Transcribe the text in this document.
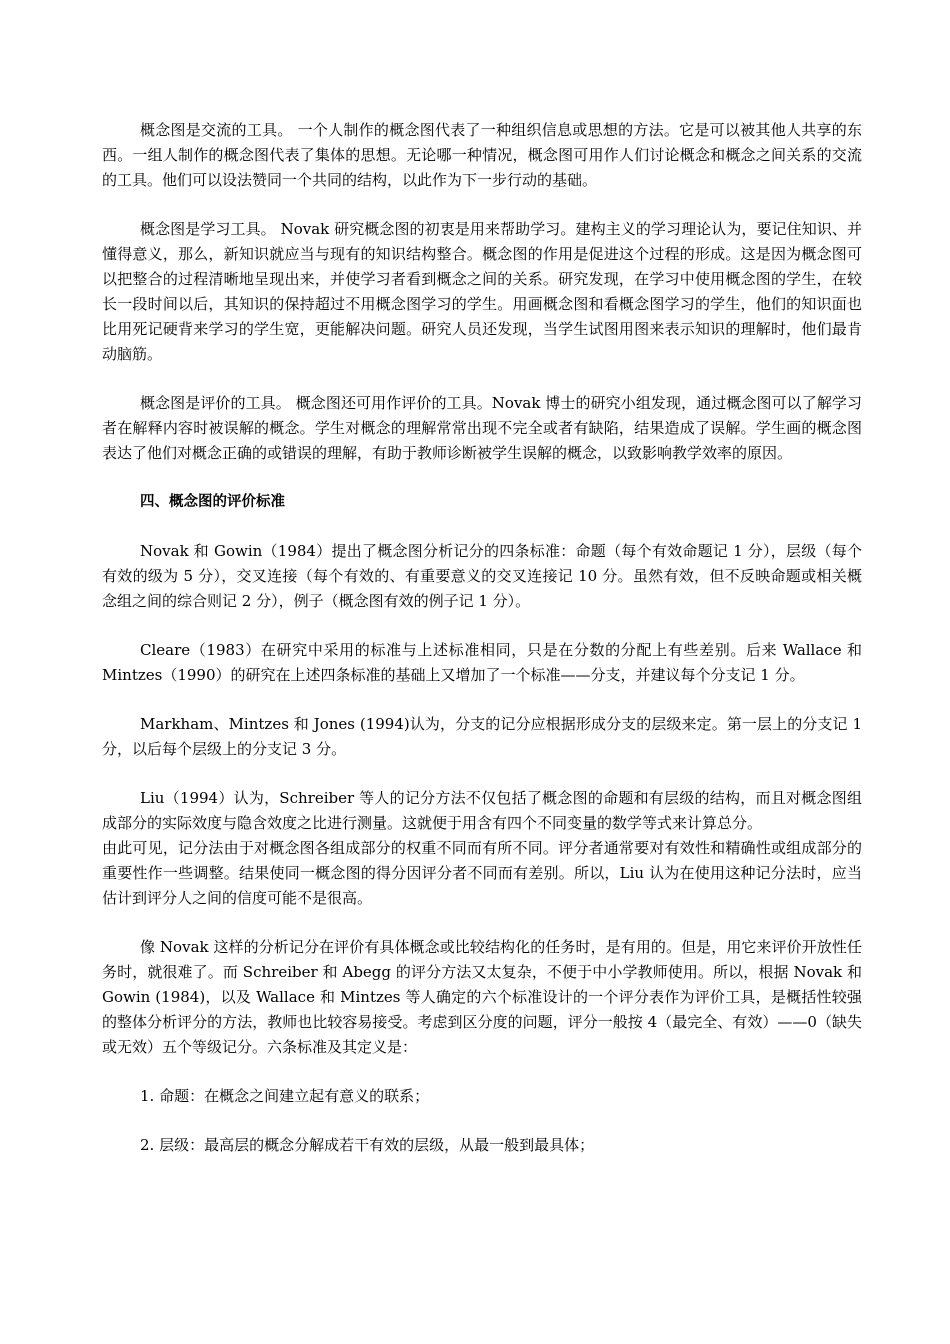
概念图是交流的工具。 一个人制作的概念图代表了一种组织信息或思想的方法。它是可以被其他人共享的东西。一组人制作的概念图代表了集体的思想。无论哪一种情况，概念图可用作人们讨论概念和概念之间关系的交流的工具。他们可以设法赞同一个共同的结构，以此作为下一步行动的基础。

概念图是学习工具。 Novak 研究概念图的初衷是用来帮助学习。建构主义的学习理论认为，要记住知识、并懂得意义，那么，新知识就应当与现有的知识结构整合。概念图的作用是促进这个过程的形成。这是因为概念图可以把整合的过程清晰地呈现出来，并使学习者看到概念之间的关系。研究发现，在学习中使用概念图的学生，在较长一段时间以后，其知识的保持超过不用概念图学习的学生。用画概念图和看概念图学习的学生，他们的知识面也比用死记硬背来学习的学生宽，更能解决问题。研究人员还发现，当学生试图用图来表示知识的理解时，他们最肯动脑筋。

概念图是评价的工具。 概念图还可用作评价的工具。Novak 博士的研究小组发现，通过概念图可以了解学习者在解释内容时被误解的概念。学生对概念的理解常常出现不完全或者有缺陷，结果造成了误解。学生画的概念图表达了他们对概念正确的或错误的理解，有助于教师诊断被学生误解的概念，以致影响教学效率的原因。

四、概念图的评价标准

Novak 和 Gowin（1984）提出了概念图分析记分的四条标准：命题（每个有效命题记 1 分），层级（每个有效的级为 5 分），交叉连接（每个有效的、有重要意义的交叉连接记 10 分。虽然有效，但不反映命题或相关概念组之间的综合则记 2 分），例子（概念图有效的例子记 1 分）。

Cleare（1983）在研究中采用的标准与上述标准相同，只是在分数的分配上有些差别。后来 Wallace 和 Mintzes（1990）的研究在上述四条标准的基础上又增加了一个标准——分支，并建议每个分支记 1 分。

Markham、Mintzes 和 Jones (1994)认为，分支的记分应根据形成分支的层级来定。第一层上的分支记 1 分，以后每个层级上的分支记 3 分。

Liu（1994）认为，Schreiber 等人的记分方法不仅包括了概念图的命题和有层级的结构，而且对概念图组成部分的实际效度与隐含效度之比进行测量。这就便于用含有四个不同变量的数学等式来计算总分。

由此可见，记分法由于对概念图各组成部分的权重不同而有所不同。评分者通常要对有效性和精确性或组成部分的重要性作一些调整。结果使同一概念图的得分因评分者不同而有差别。所以，Liu 认为在使用这种记分法时，应当估计到评分人之间的信度可能不是很高。

像 Novak 这样的分析记分在评价有具体概念或比较结构化的任务时，是有用的。但是，用它来评价开放性任务时，就很难了。而 Schreiber 和 Abegg 的评分方法又太复杂，不便于中小学教师使用。所以，根据 Novak 和 Gowin (1984)，以及 Wallace 和 Mintzes 等人确定的六个标准设计的一个评分表作为评价工具，是概括性较强的整体分析评分的方法，教师也比较容易接受。考虑到区分度的问题，评分一般按 4（最完全、有效）——0（缺失或无效）五个等级记分。六条标准及其定义是：

1. 命题：在概念之间建立起有意义的联系；

2. 层级：最高层的概念分解成若干有效的层级，从最一般到最具体；
